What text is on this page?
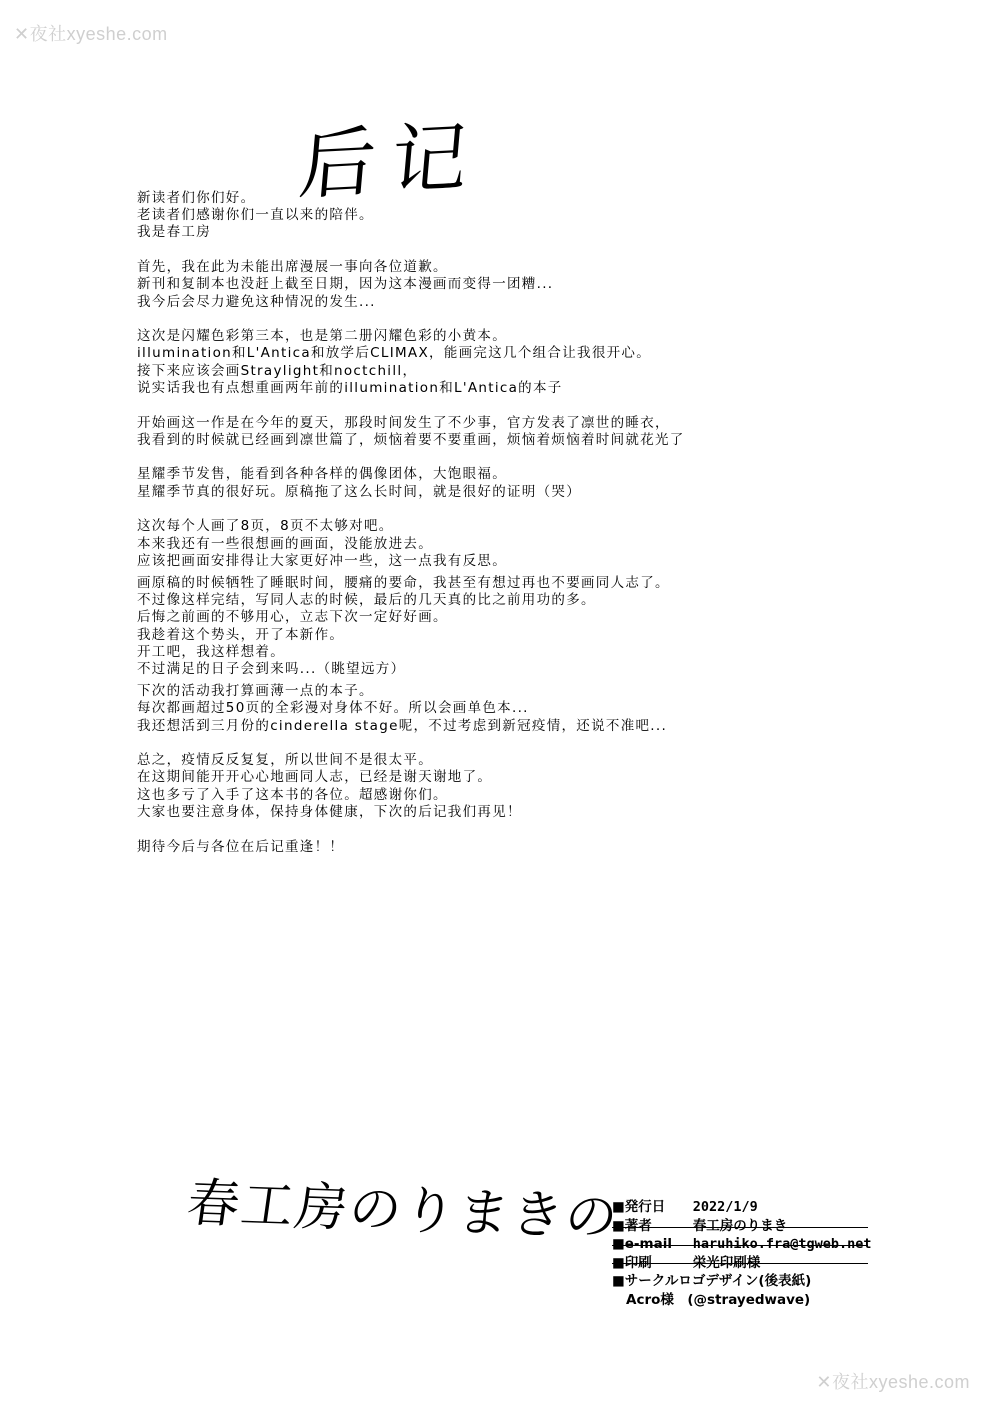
✕夜社xyeshe.com
后记
新读者们你们好。
老读者们感谢你们一直以来的陪伴。
我是春工房
首先，我在此为未能出席漫展一事向各位道歉。
新刊和复制本也没赶上截至日期，因为这本漫画而变得一团糟...
我今后会尽力避免这种情况的发生...
这次是闪耀色彩第三本，也是第二册闪耀色彩的小黄本。
illumination和L'Antica和放学后CLIMAX，能画完这几个组合让我很开心。
接下来应该会画Straylight和noctchill，
说实话我也有点想重画两年前的illumination和L'Antica的本子
开始画这一作是在今年的夏天，那段时间发生了不少事，官方发表了凛世的睡衣，
我看到的时候就已经画到凛世篇了，烦恼着要不要重画，烦恼着烦恼着时间就花光了
星耀季节发售，能看到各种各样的偶像团体，大饱眼福。
星耀季节真的很好玩。原稿拖了这么长时间，就是很好的证明（哭）
这次每个人画了8页，8页不太够对吧。
本来我还有一些很想画的画面，没能放进去。
应该把画面安排得让大家更好冲一些，这一点我有反思。
画原稿的时候牺牲了睡眠时间，腰痛的要命，我甚至有想过再也不要画同人志了。
不过像这样完结，写同人志的时候，最后的几天真的比之前用功的多。
后悔之前画的不够用心，立志下次一定好好画。
我趁着这个势头，开了本新作。
开工吧，我这样想着。
不过满足的日子会到来吗...（眺望远方）
下次的活动我打算画薄一点的本子。
每次都画超过50页的全彩漫对身体不好。所以会画单色本...
我还想活到三月份的cinderella stage呢，不过考虑到新冠疫情，还说不准吧...
总之，疫情反反复复，所以世间不是很太平。
在这期间能开开心心地画同人志，已经是谢天谢地了。
这也多亏了入手了这本书的各位。超感谢你们。
大家也要注意身体，保持身体健康，下次的后记我们再见！
期待今后与各位在后记重逢！！
春工房のりまきの
■発行日 2022/1/9
■著者	春工房のりまき
■e-mail haruhiko.fra@tgweb.net
■印刷	栄光印刷様
■サークルロゴデザイン(後表紙)
Acro様　(@strayedwave)
✕夜社xyeshe.com
